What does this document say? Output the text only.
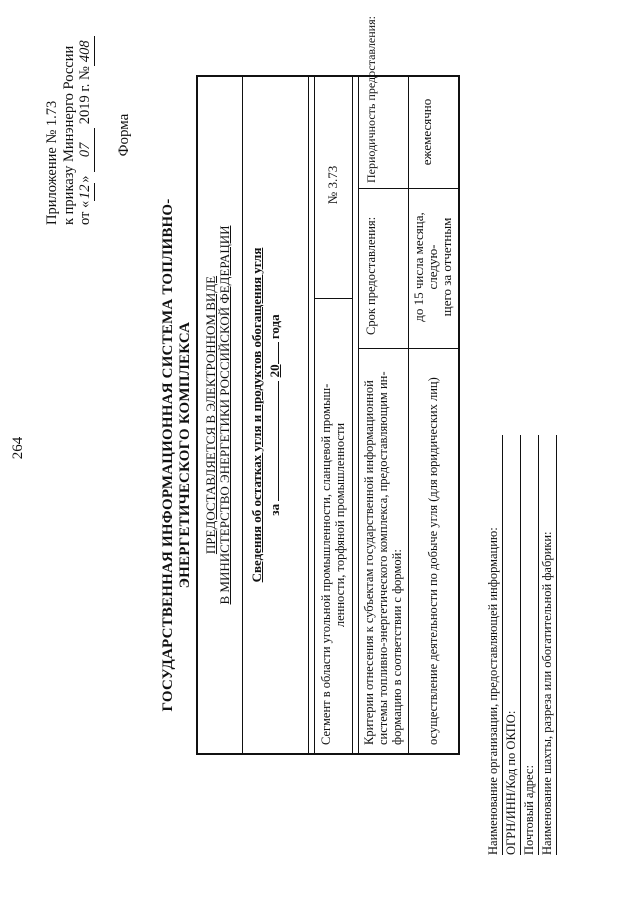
264
Приложение № 1.73 к приказу Минэнерго России от «12» 07 2019 г. №408
Форма
ГОСУДАРСТВЕННАЯ ИНФОРМАЦИОННАЯ СИСТЕМА ТОПЛИВНО-ЭНЕРГЕТИЧЕСКОГО КОМПЛЕКСА ПРЕДОСТАВЛЯЕТСЯ В ЭЛЕКТРОННОМ ВИДЕ В МИНИСТЕРСТВО ЭНЕРГЕТИКИ РОССИЙСКОЙ ФЕДЕРАЦИИ Сведения об остатках угля и продуктов обогащения угля за  20 года
Сегмент в области угольной промышленности, сланцевой промыш- ленности, торфяной промышленности
№ 3.73
Критерии отнесения к субъектам государственной информационной системы топливно-энергетического комплекса, предоставляющим ин- формацию в соответствии с формой:
Срок предоставления:
Периодичность предоставления:
осуществление деятельности по добыче угля (для юридических лиц)
до 15 числа месяца, следую- щего за отчетным
ежемесячно
Наименование организации, предоставляющей информацию: ОГРН/ИНН/Код по ОКПО: Почтовый адрес: Наименование шахты, разреза или обогатительной фабрики:
